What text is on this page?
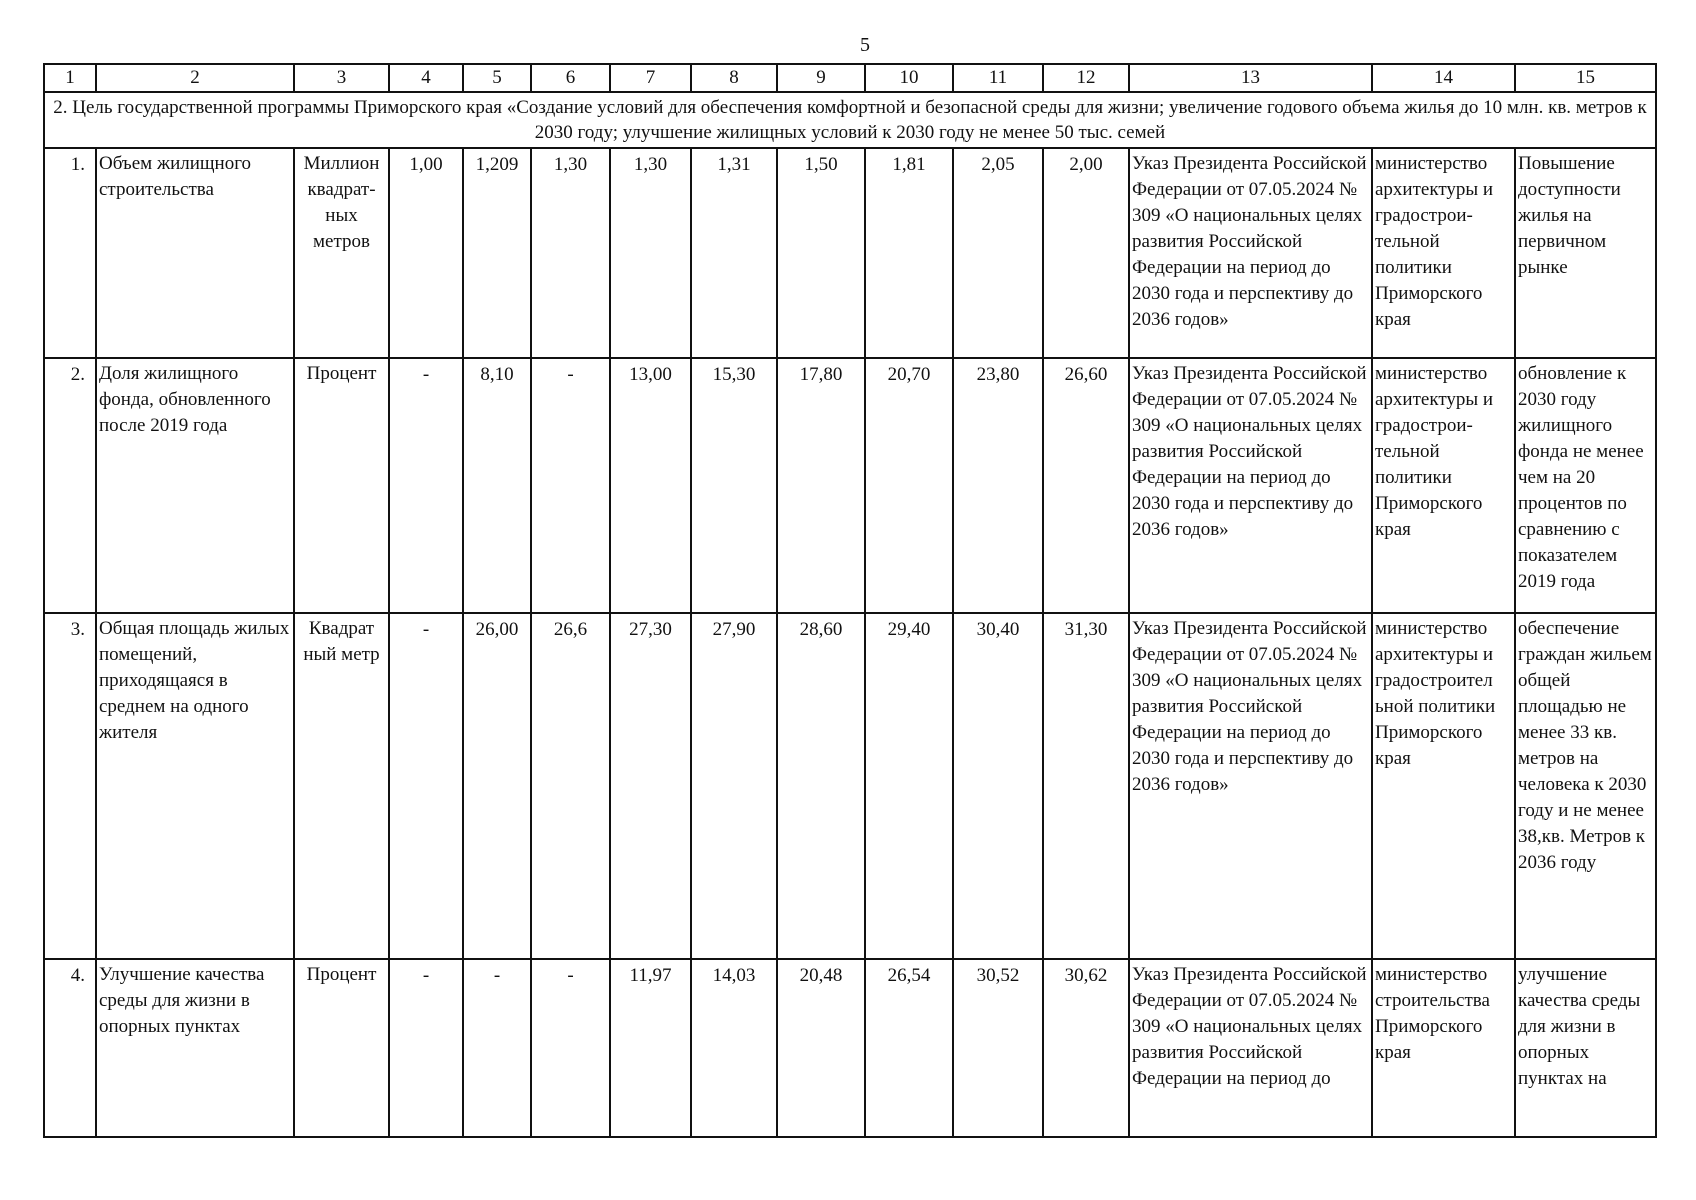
5
1	2	3	4	5	6	7	8	9	10	11	12	13	14	15
2. Цель государственной программы Приморского края «Создание условий для обеспечения комфортной и безопасной среды для жизни; увеличение годового объема жилья до 10 млн. кв. метров к 2030 году; улучшение жилищных условий к 2030 году не менее 50 тыс. семей														
1.	Объем жилищного строительства	Миллион квадрат-ных метров	1,00	1,209	1,30	1,30	1,31	1,50	1,81	2,05	2,00	Указ Президента Российской Федерации от 07.05.2024 № 309 «О национальных целях развития Российской Федерации на период до 2030 года и перспективу до 2036 годов»	министерство архитектуры и градострои-тельной политики Приморского края	Повышение доступности жилья на первичном рынке
2.	Доля жилищного фонда, обновленного после 2019 года	Процент	-	8,10	-	13,00	15,30	17,80	20,70	23,80	26,60	Указ Президента Российской Федерации от 07.05.2024 № 309 «О национальных целях развития Российской Федерации на период до 2030 года и перспективу до 2036 годов»	министерство архитектуры и градострои-тельной политики Приморского края	обновление к 2030 году жилищного фонда не менее чем на 20 процентов по сравнению с показателем 2019 года
3.	Общая площадь жилых помещений, приходящаяся в среднем на одного жителя	Квадрат ный метр	-	26,00	26,6	27,30	27,90	28,60	29,40	30,40	31,30	Указ Президента Российской Федерации от 07.05.2024 № 309 «О национальных целях развития Российской Федерации на период до 2030 года и перспективу до 2036 годов»	министерство архитектуры и градостроител ьной политики Приморского края	обеспечение граждан жильем общей площадью не менее 33 кв. метров на человека к 2030 году и не менее 38,кв. Метров к 2036 году
4.	Улучшение качества среды для жизни в опорных пунктах	Процент	-	-	-	11,97	14,03	20,48	26,54	30,52	30,62	Указ Президента Российской Федерации от 07.05.2024 № 309 «О национальных целях развития Российской Федерации на период до	министерство строительства Приморского края	улучшение качества среды для жизни в опорных пунктах на
